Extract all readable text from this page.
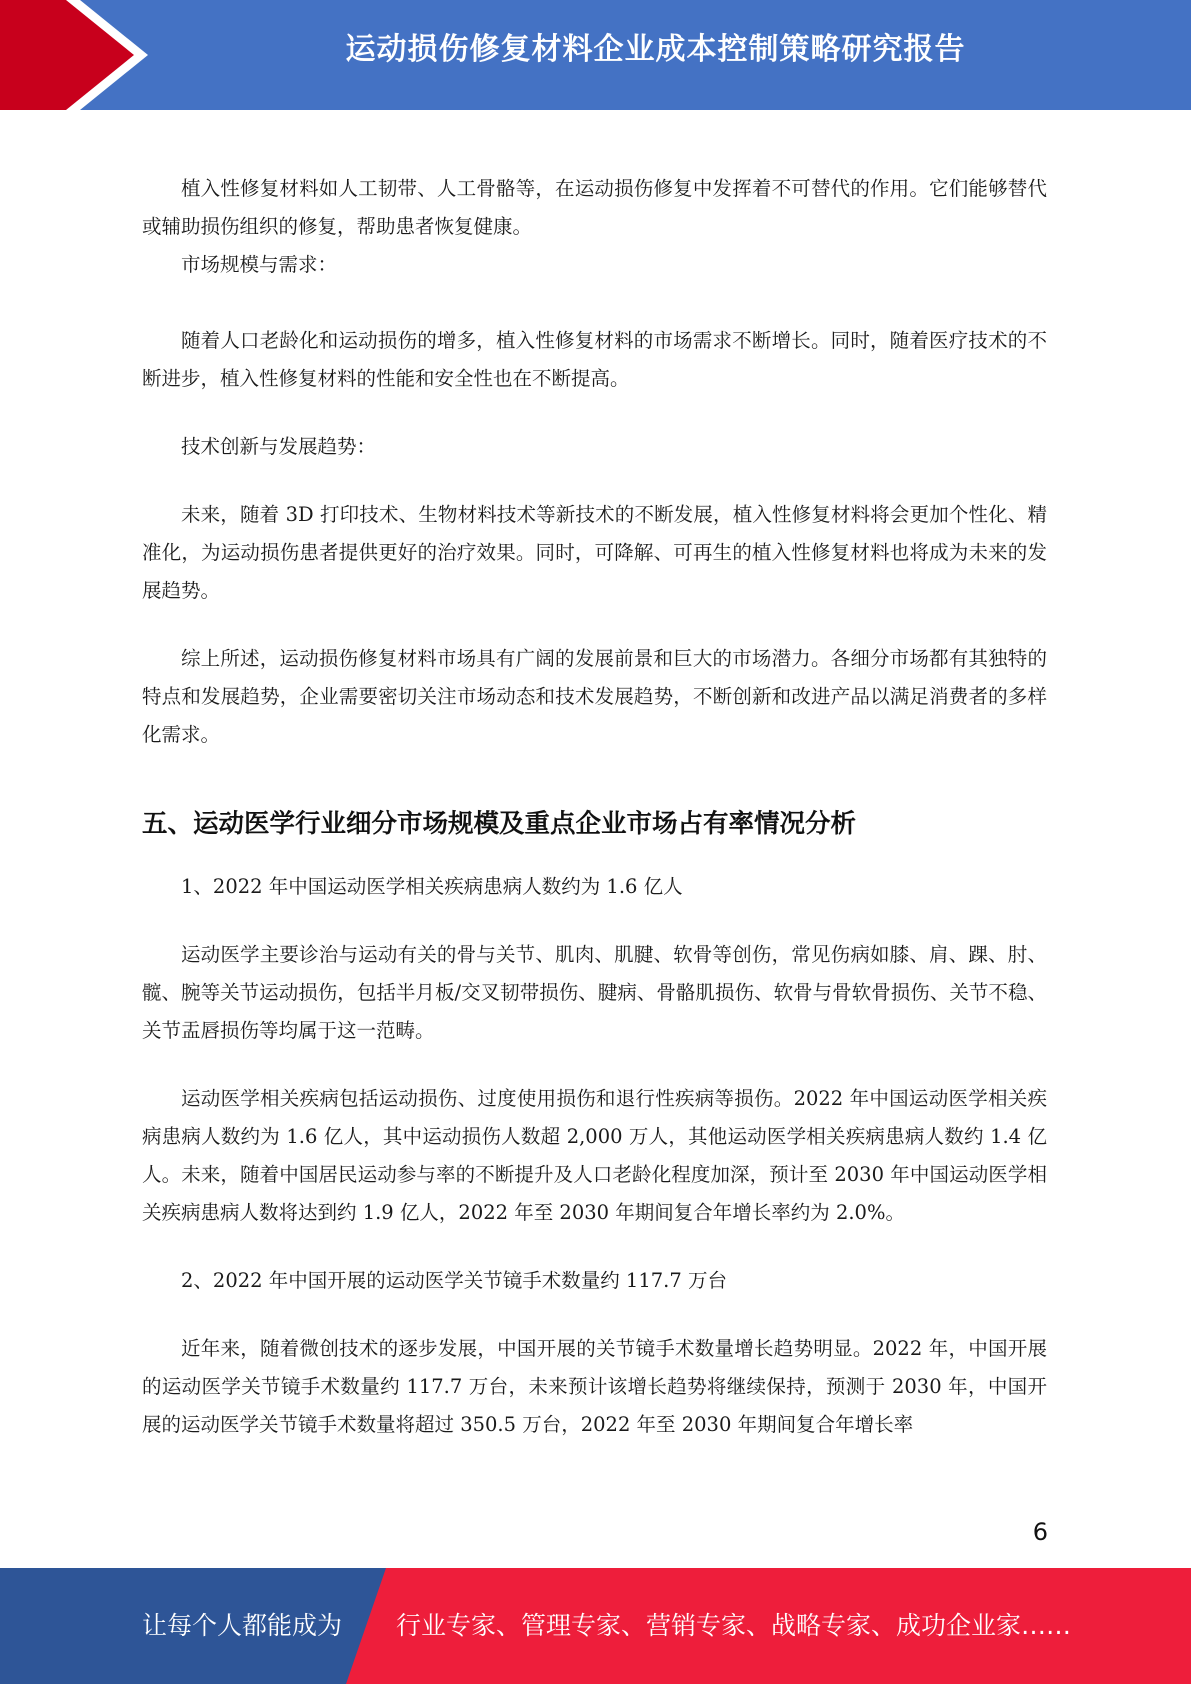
运动损伤修复材料企业成本控制策略研究报告

植入性修复材料如人工韧带、人工骨骼等，在运动损伤修复中发挥着不可替代的作用。它们能够替代或辅助损伤组织的修复，帮助患者恢复健康。

市场规模与需求：

随着人口老龄化和运动损伤的增多，植入性修复材料的市场需求不断增长。同时，随着医疗技术的不断进步，植入性修复材料的性能和安全性也在不断提高。

技术创新与发展趋势：

未来，随着 3D 打印技术、生物材料技术等新技术的不断发展，植入性修复材料将会更加个性化、精准化，为运动损伤患者提供更好的治疗效果。同时，可降解、可再生的植入性修复材料也将成为未来的发展趋势。

综上所述，运动损伤修复材料市场具有广阔的发展前景和巨大的市场潜力。各细分市场都有其独特的特点和发展趋势，企业需要密切关注市场动态和技术发展趋势，不断创新和改进产品以满足消费者的多样化需求。

五、运动医学行业细分市场规模及重点企业市场占有率情况分析

1、2022 年中国运动医学相关疾病患病人数约为 1.6 亿人

运动医学主要诊治与运动有关的骨与关节、肌肉、肌腱、软骨等创伤，常见伤病如膝、肩、踝、肘、髋、腕等关节运动损伤，包括半月板/交叉韧带损伤、腱病、骨骼肌损伤、软骨与骨软骨损伤、关节不稳、关节盂唇损伤等均属于这一范畴。

运动医学相关疾病包括运动损伤、过度使用损伤和退行性疾病等损伤。2022 年中国运动医学相关疾病患病人数约为 1.6 亿人，其中运动损伤人数超 2,000 万人，其他运动医学相关疾病患病人数约 1.4 亿人。未来，随着中国居民运动参与率的不断提升及人口老龄化程度加深，预计至 2030 年中国运动医学相关疾病患病人数将达到约 1.9 亿人，2022 年至 2030 年期间复合年增长率约为 2.0%。

2、2022 年中国开展的运动医学关节镜手术数量约 117.7 万台

近年来，随着微创技术的逐步发展，中国开展的关节镜手术数量增长趋势明显。2022 年，中国开展的运动医学关节镜手术数量约 117.7 万台，未来预计该增长趋势将继续保持，预测于 2030 年，中国开展的运动医学关节镜手术数量将超过 350.5 万台，2022 年至 2030 年期间复合年增长率

6
让每个人都能成为 行业专家、管理专家、营销专家、战略专家、成功企业家……
